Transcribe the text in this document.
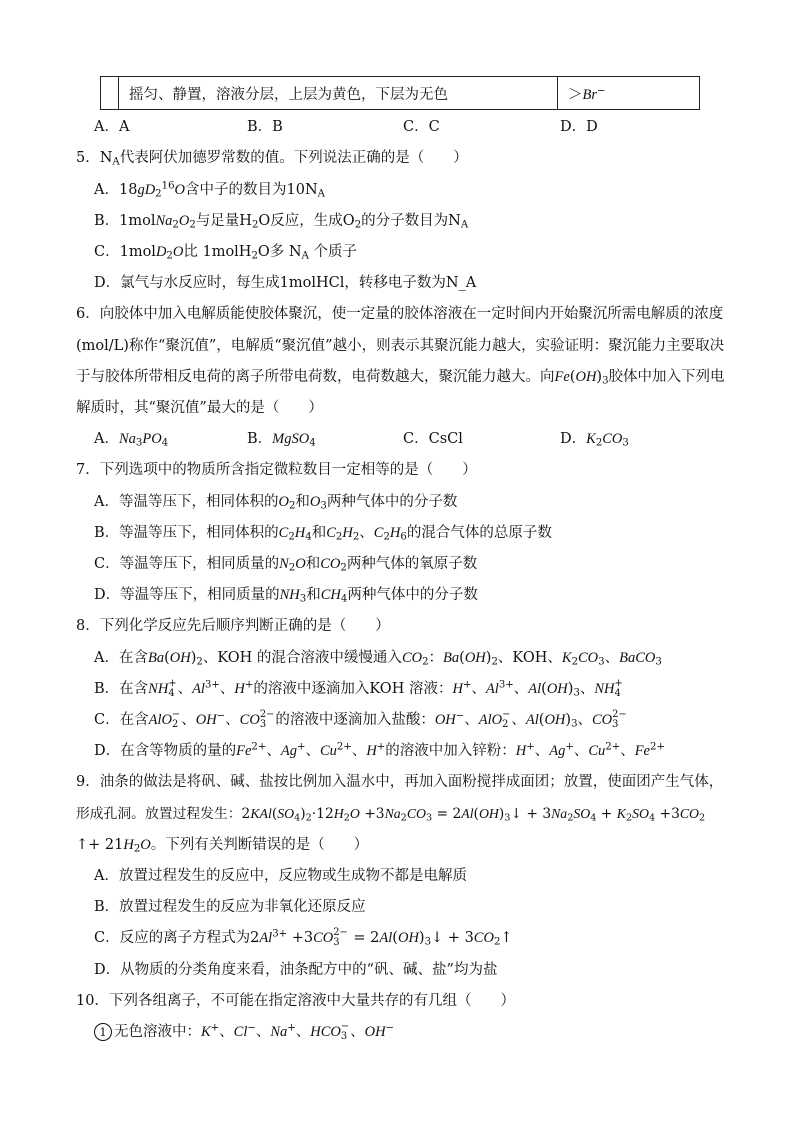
	摇匀、静置，溶液分层，上层为黄色，下层为无色	＞Br−
A．A	B．B	C．C	D．D
5．$N_A$代表阿伏加德罗常数的值。下列说法正确的是（　　）
A．$18gD_2^{16}O$含中子的数目为$10N_A$
B．$1molNa_2O_2$与足量$H_2O$反应，生成$O_2$的分子数目为$N_A$
C．1molD$_2$O比 1molH$_2$O多 $N_A$ 个质子
D．氯气与水反应时，每生成1molHCl，转移电子数为N_A
6．向胶体中加入电解质能使胶体聚沉，使一定量的胶体溶液在一定时间内开始聚沉所需电解质的浓度
(mol/L)称作“聚沉值”，电解质“聚沉值”越小，则表示其聚沉能力越大，实验证明：聚沉能力主要取决
于与胶体所带相反电荷的离子所带电荷数，电荷数越大，聚沉能力越大。向$Fe(OH)_3$胶体中加入下列电
解质时，其“聚沉值”最大的是（　　）
A．$Na_3PO_4$	B．MgSO$_4$	C．CsCl	D．$K_2CO_3$
7．下列选项中的物质所含指定微粒数目一定相等的是（　　）
A．等温等压下，相同体积的$O_2$和$O_3$两种气体中的分子数
B．等温等压下，相同体积的$C_2H_4$和$C_2H_2$、$C_2H_6$的混合气体的总原子数
C．等温等压下，相同质量的$N_2O$和$CO_2$两种气体的氧原子数
D．等温等压下，相同质量的$NH_3$和$CH_4$两种气体中的分子数
8．下列化学反应先后顺序判断正确的是（　　）
A．在含$Ba(OH)_2$、KOH 的混合溶液中缓慢通入$CO_2$：$Ba(OH)_2$、KOH、$K_2CO_3$、BaCO$_3$
B．在含NH +
4 、$Al^{3+}$、H+的溶液中逐滴加入KOH 溶液：H+、$Al^{3+}$、$Al(OH)_3$、NH +
4
C．在含AlO −
2 、OH−、CO 2−
3 的溶液中逐滴加入盐酸：OH−、AlO −
2 、$Al(OH)_3$、CO 2−
3
D．在含等物质的量的$Fe^{2+}$、Ag+、$Cu^{2+}$、H+的溶液中加入锌粉：H+、Ag+、$Cu^{2+}$、$Fe^{2+}$
9．油条的做法是将矾、碱、盐按比例加入温水中，再加入面粉搅拌成面团；放置，使面团产生气体，
形成孔洞。放置过程发生：$2KAl(SO_4)_2\cdot 12H_2O +3Na_2CO_3$ = $2Al(OH)_3↓ + 3Na_2SO_4 + K_2SO_4 +3CO_2$
↑+ $21H_2O$。下列有关判断错误的是（　　）
A．放置过程发生的反应中，反应物或生成物不都是电解质
B．放置过程发生的反应为非氧化还原反应
C．反应的离子方程式为$2Al^{3+} +3CO$ 2−
$3 = 2Al(OH)_3↓$ + $3CO_2↑$
D．从物质的分类角度来看，油条配方中的“矾、碱、盐”均为盐
10．下列各组离子，不可能在指定溶液中大量共存的有几组（　　）
1 无色溶液中：K+、Cl−、Na+、HCO −
3 、OH−
